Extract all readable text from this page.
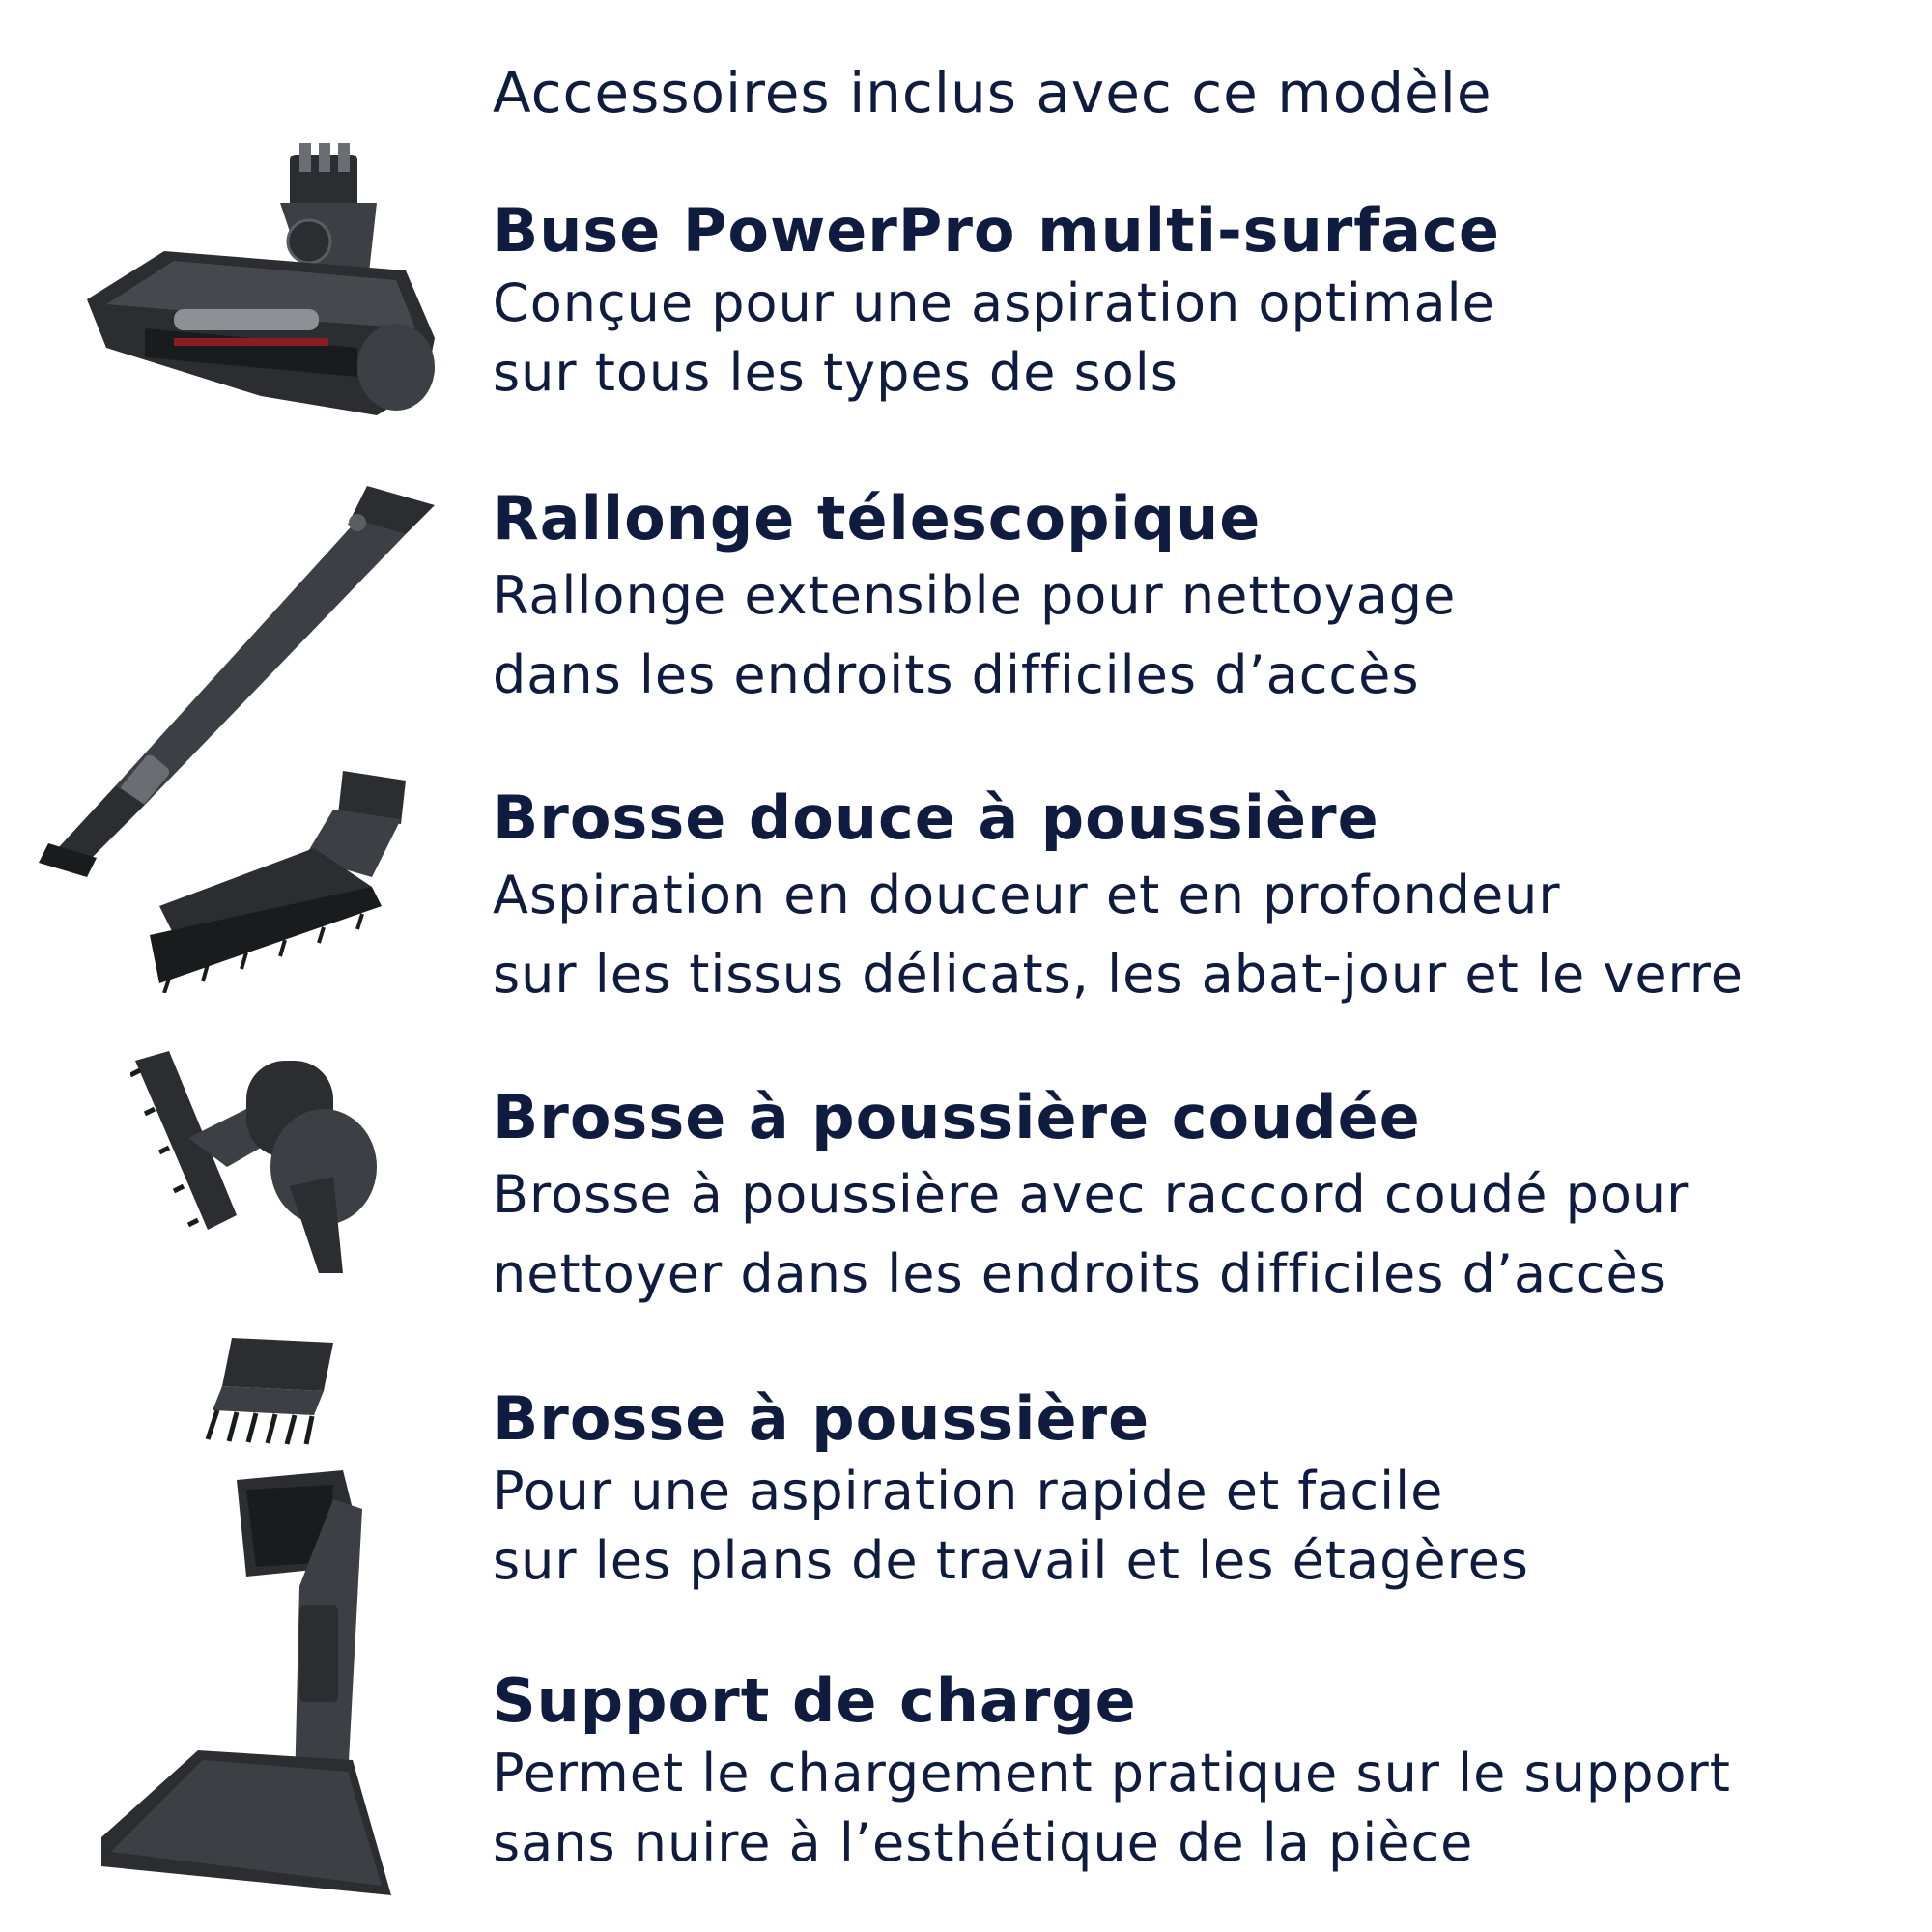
Accessoires inclus avec ce modèle
Buse PowerPro multi-surface
Conçue pour une aspiration optimale
sur tous les types de sols
Rallonge télescopique
Rallonge extensible pour nettoyage
dans les endroits difficiles d’accès
Brosse douce à poussière
Aspiration en douceur et en profondeur
sur les tissus délicats, les abat-jour et le verre
Brosse à poussière coudée
Brosse à poussière avec raccord coudé pour
nettoyer dans les endroits difficiles d’accès
Brosse à poussière
Pour une aspiration rapide et facile
sur les plans de travail et les étagères
Support de charge
Permet le chargement pratique sur le support
sans nuire à l’esthétique de la pièce
